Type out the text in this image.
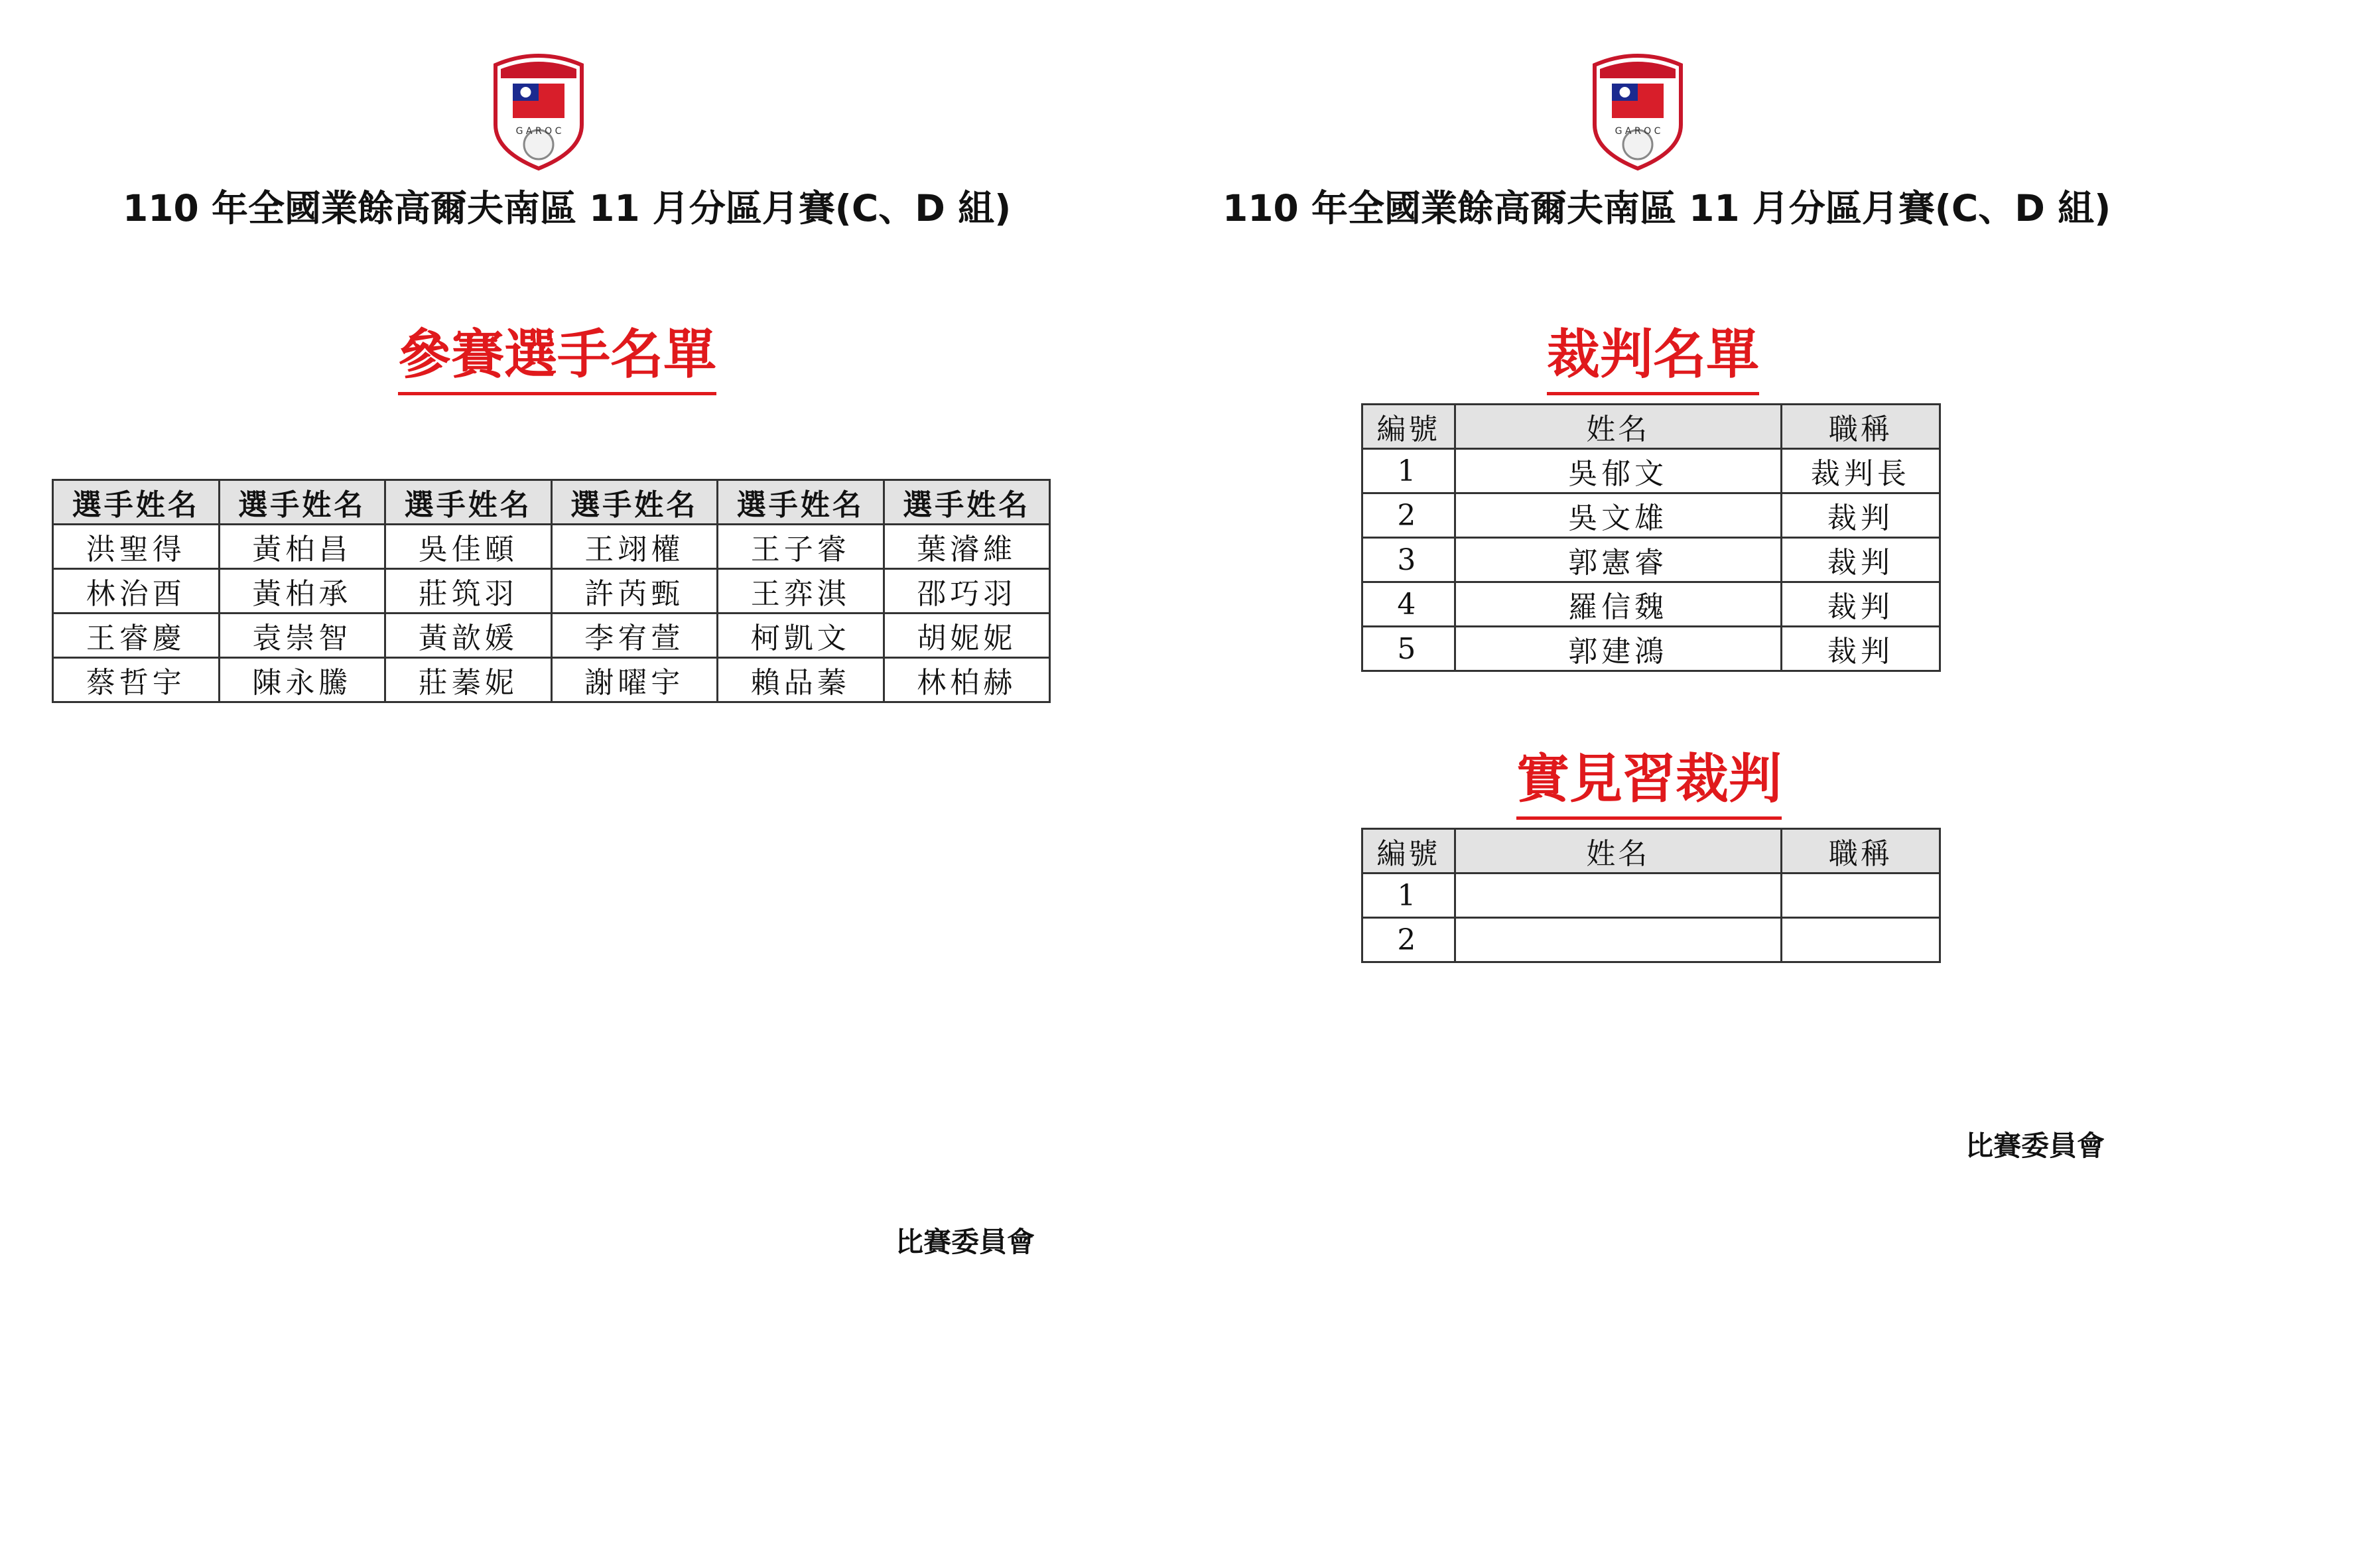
G A R O C
110 年全國業餘高爾夫南區 11 月分區月賽(C、D 組)
參賽選手名單
選手姓名	選手姓名	選手姓名	選手姓名	選手姓名	選手姓名
洪聖得	黃柏昌	吳佳頤	王翊權	王子睿	葉濬維
林治酉	黃柏承	莊筑羽	許芮甄	王弈淇	邵巧羽
王睿慶	袁崇智	黃歆媛	李宥萱	柯凱文	胡妮妮
蔡哲宇	陳永騰	莊蓁妮	謝曜宇	賴品蓁	林柏赫
比賽委員會
G A R O C
110 年全國業餘高爾夫南區 11 月分區月賽(C、D 組)
裁判名單
編號	姓名	職稱
1	吳郁文	裁判長
2	吳文雄	裁判
3	郭憲睿	裁判
4	羅信魏	裁判
5	郭建鴻	裁判
實見習裁判
編號	姓名	職稱
1		
2		
比賽委員會
